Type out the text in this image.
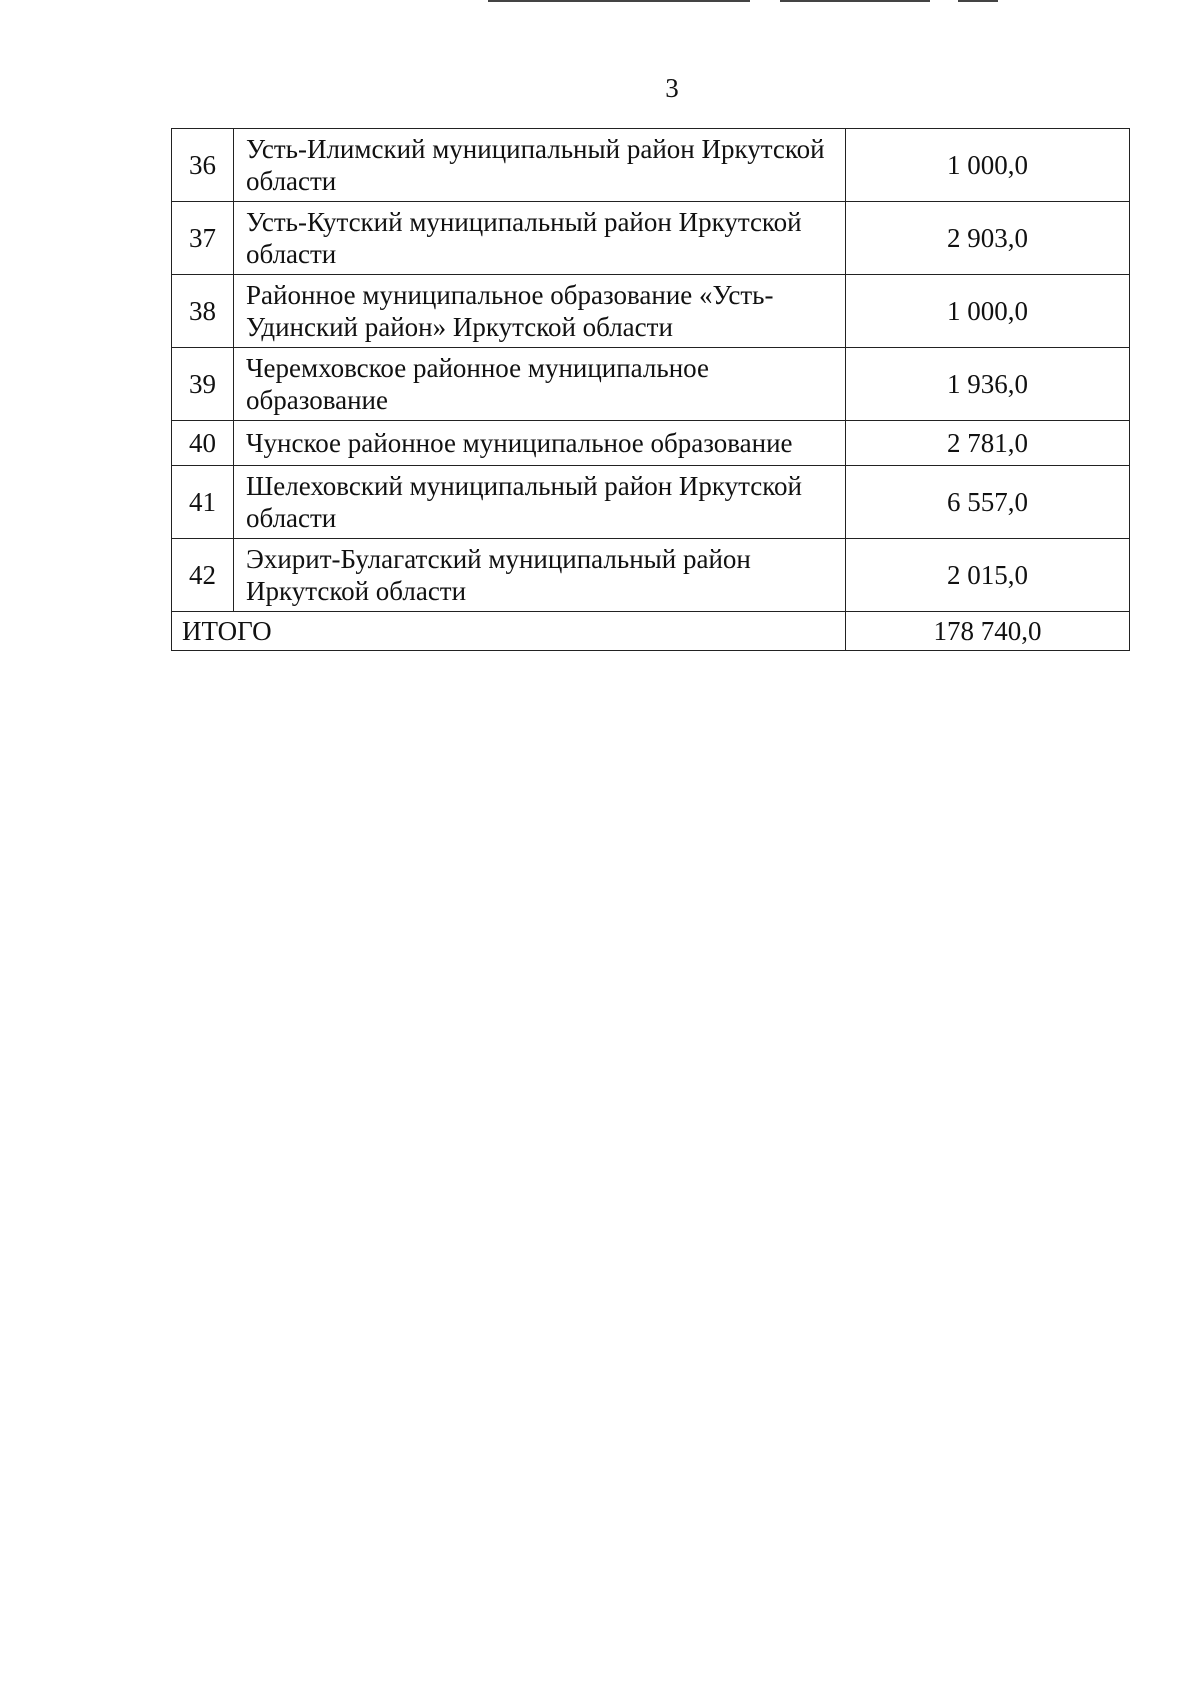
3
36	Усть-Илимский муниципальный район Иркутской области	1 000,0
37	Усть-Кутский муниципальный район Иркутской области	2 903,0
38	Районное муниципальное образование «Усть-Удинский район» Иркутской области	1 000,0
39	Черемховское районное муниципальное образование	1 936,0
40	Чунское районное муниципальное образование	2 781,0
41	Шелеховский муниципальный район Иркутской области	6 557,0
42	Эхирит-Булагатский муниципальный район Иркутской области	2 015,0
ИТОГО		178 740,0
